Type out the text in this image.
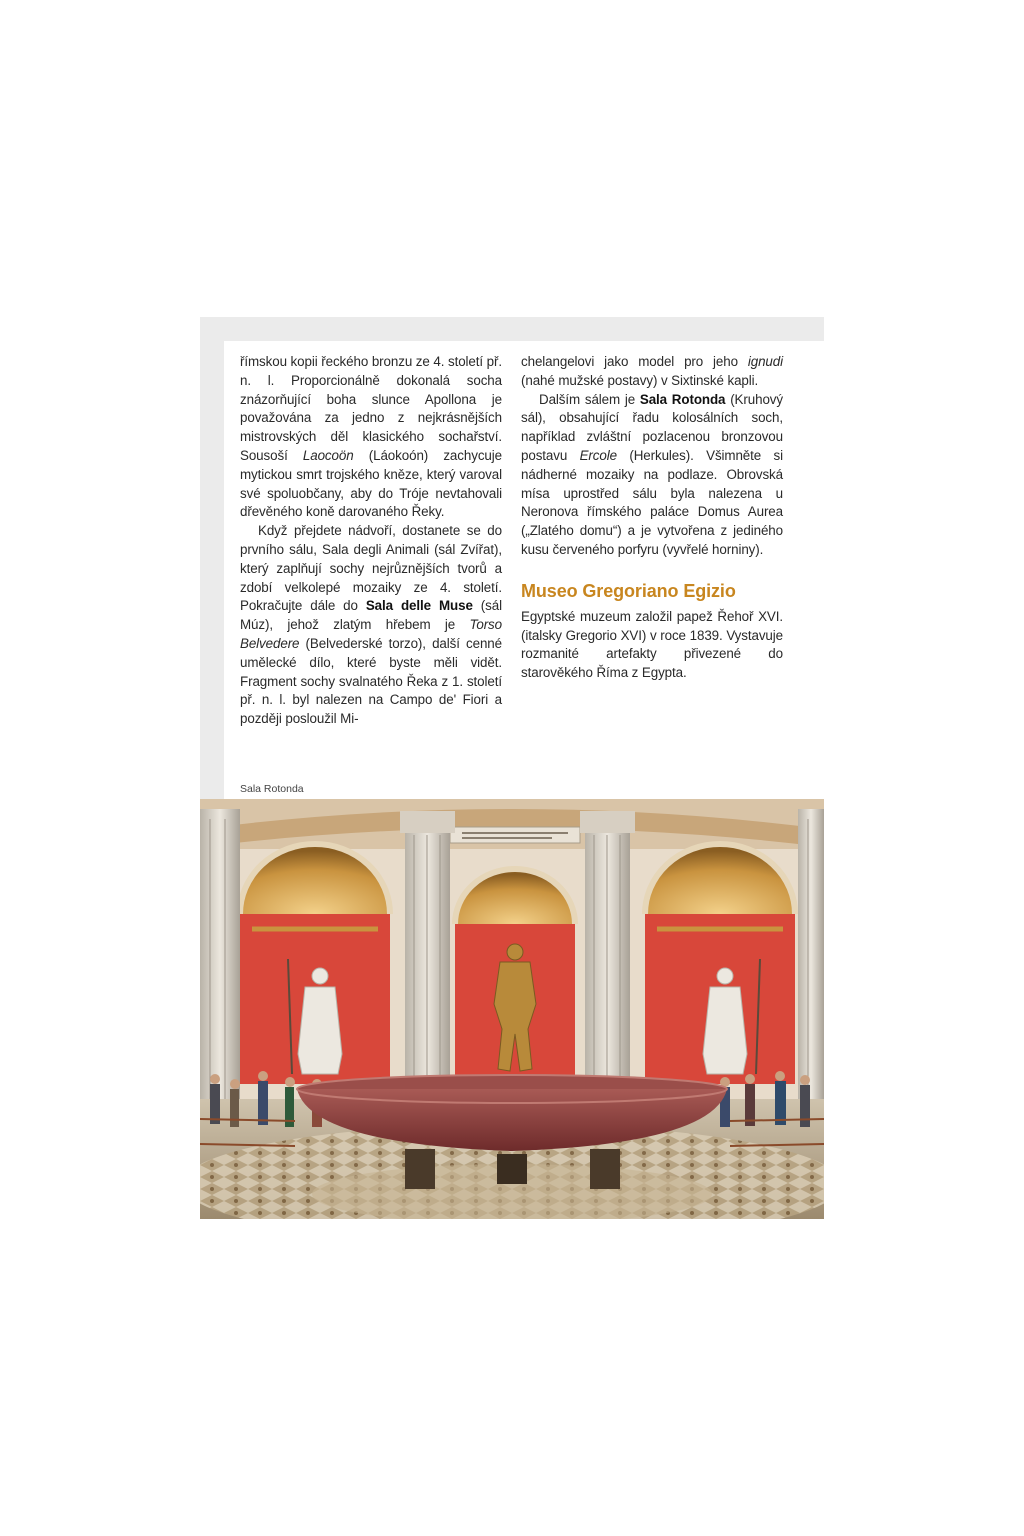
římskou kopii řeckého bronzu ze 4. století př. n. l. Proporcionálně dokonalá socha znázorňující boha slunce Apollona je považována za jedno z nejkrásnějších mistrovských děl klasického sochařství. Sousoší Laocoön (Láokoón) zachycuje mytickou smrt trojského kněze, který varoval své spoluobčany, aby do Tróje nevtahovali dřevěného koně darovaného Řeky.

Když přejdete nádvoří, dostanete se do prvního sálu, Sala degli Animali (sál Zvířat), který zaplňují sochy nejrůznějších tvorů a zdobí velkolepé mozaiky ze 4. století. Pokračujte dále do Sala delle Muse (sál Múz), jehož zlatým hřebem je Torso Belvedere (Belvederské torzo), další cenné umělecké dílo, které byste měli vidět. Fragment sochy svalnatého Řeka z 1. století př. n. l. byl nalezen na Campo de' Fiori a později posloužil Mi-

chelangelovi jako model pro jeho ignudi (nahé mužské postavy) v Sixtinské kapli.

Dalším sálem je Sala Rotonda (Kruhový sál), obsahující řadu kolosálních soch, například zvláštní pozlacenou bronzovou postavu Ercole (Herkules). Všimněte si nádherné mozaiky na podlaze. Obrovská mísa uprostřed sálu byla nalezena u Neronova římského paláce Domus Aurea („Zlatého domu“) a je vytvořena z jediného kusu červeného porfyru (vyvřelé horniny).

Museo Gregoriano Egizio

Egyptské muzeum založil papež Řehoř XVI. (italsky Gregorio XVI) v roce 1839. Vystavuje rozmanité artefakty přivezené do starověkého Říma z Egypta.

Sala Rotonda
